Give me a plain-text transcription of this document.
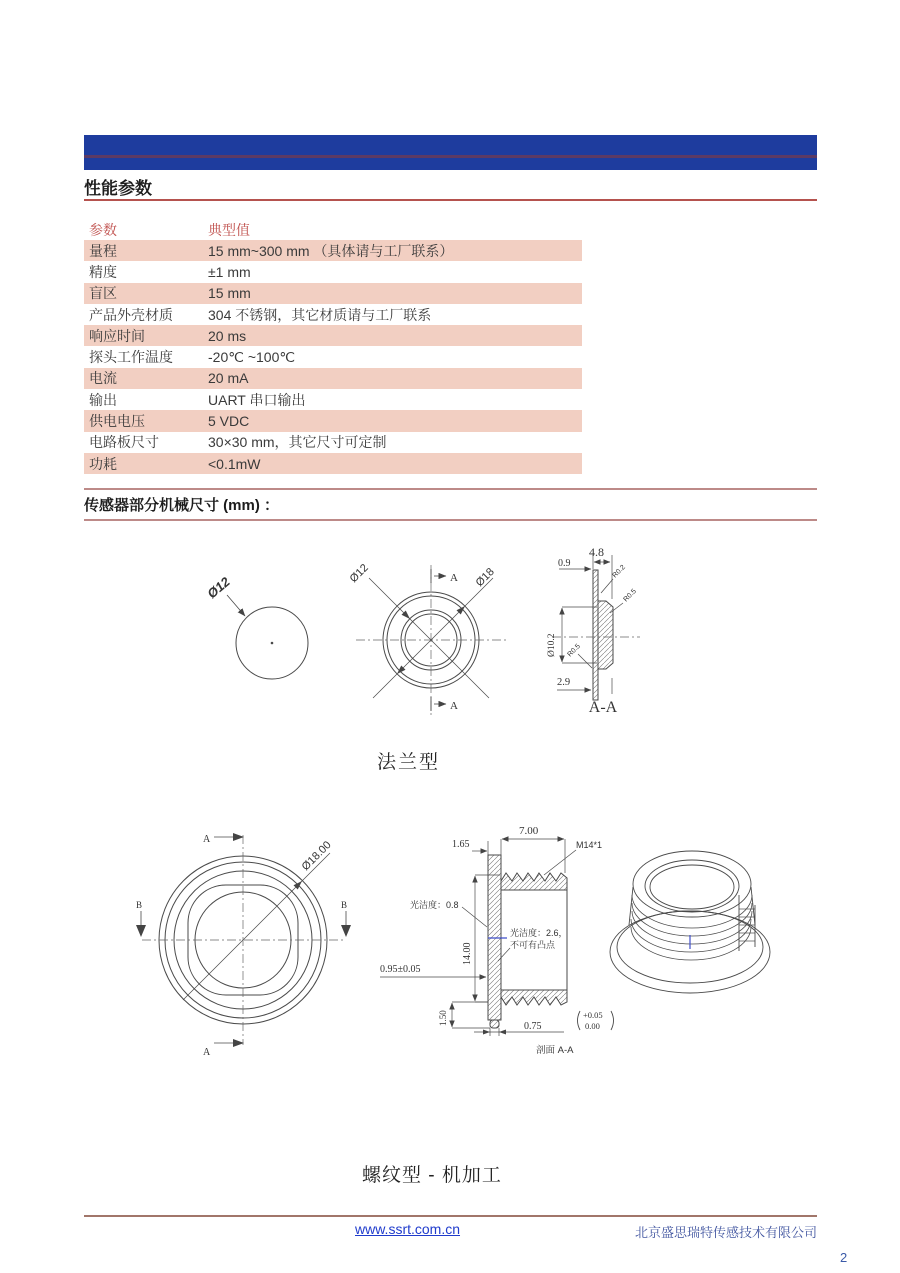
性能参数
参数	典型值
量程	15 mm~300 mm （具体请与工厂联系）
精度	±1 mm
盲区	15 mm
产品外壳材质	304 不锈钢，其它材质请与工厂联系
响应时间	20 ms
探头工作温度	-20℃ ~100℃
电流	20 mA
输出	UART 串口输出
供电电压	5 VDC
电路板尺寸	30×30 mm，其它尺寸可定制
功耗	<0.1mW
传感器部分机械尺寸 (mm) ：
Ø12
Ø12	Ø18
A
A
4.8
0.9
Ø10.2
2.9
R0.2
R0.5
R0.5
A-A
法兰型
Ø18.00
A
A
B	B
7.00
1.65	M14*1
光洁度：0.8
光洁度：2.6，
不可有凸点
14.00
0.95±0.05
1.50
0.75
+0.05
0.00
剖面 A-A
螺纹型 - 机加工
www.ssrt.com.cn	北京盛思瑞特传感技术有限公司
2
